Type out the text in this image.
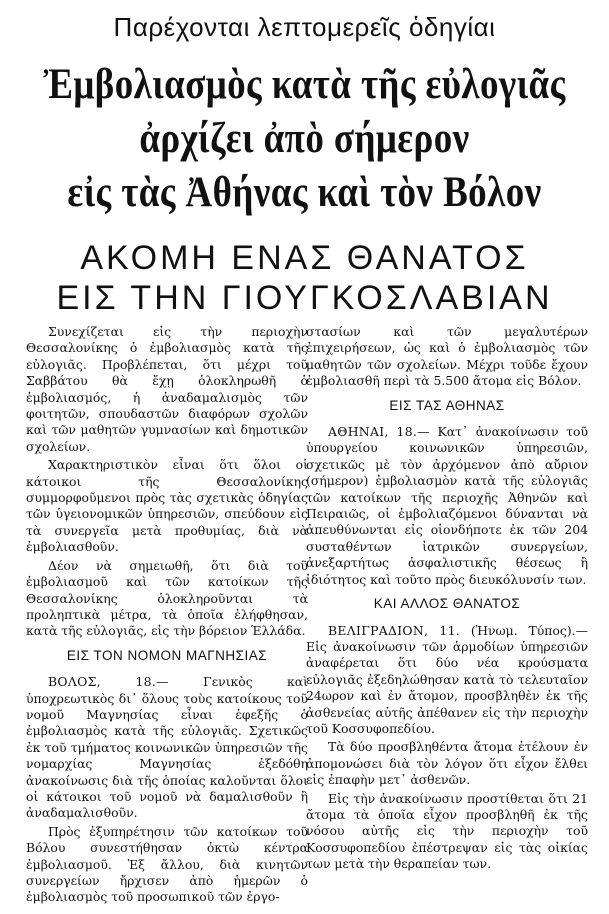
Παρέχονται λεπτομερεῖς ὁδηγίαι
Ἐμβολιασμὸς κατὰ τῆς εὐλογιᾶς
ἀρχίζει ἀπὸ σήμερον
εἰς τὰς Ἀθήνας καὶ τὸν Βόλον
ΑΚΟΜΗ ΕΝΑΣ ΘΑΝΑΤΟΣ
ΕΙΣ ΤΗΝ ΓΙΟΥΓΚΟΣΛΑΒΙΑΝ

Συνεχίζεται εἰς τὴν περιοχὴν Θεσσαλονίκης ὁ ἐμβολιασμὸς κατὰ τῆς εὐλογιᾶς. Προβλέπεται, ὅτι μέχρι τοῦ Σαββάτου θὰ ἔχῃ ὁλοκληρωθῆ ὁ ἐμβολιασμός, ἡ ἀναδαμαλισμὸς τῶν φοιτητῶν, σπουδαστῶν διαφόρων σχολῶν καὶ τῶν μαθητῶν γυμνασίων καὶ δημοτικῶν σχολείων.

Χαρακτηριστικὸν εἶναι ὅτι ὅλοι οἱ κάτοικοι τῆς Θεσσαλονίκης συμμορφοῦμενοι πρὸς τὰς σχετικὰς ὁδηγίας τῶν ὑγειονομικῶν ὑπηρεσιῶν, σπεύδουν εἰς τὰ συνεργεῖα μετὰ προθυμίας, διὰ νὰ ἐμβολιασθοῦν.

Δέον νὰ σημειωθῆ, ὅτι διὰ τοῦ ἐμβολιασμοῦ καὶ τῶν κατοίκων τῆς Θεσσαλονίκης ὁλοκληροῦνται τὰ προληπτικὰ μέτρα, τὰ ὁποῖα ἐλήφθησαν, κατὰ τῆς εὐλογιᾶς, εἰς τὴν βόρειον Ἑλλάδα.

ΕΙΣ ΤΟΝ ΝΟΜΟΝ ΜΑΓΝΗΣΙΑΣ

ΒΟΛΟΣ, 18.—	Γενικὸς καὶ ὑποχρεωτικὸς δι᾽ ὅλους τοὺς κατοίκους τοῦ νομοῦ Μαγνησίας εἶναι ἐφεξῆς ὁ ἐμβολιασμὸς κατὰ τῆς εὐλογιᾶς. Σχετικῶς ἐκ τοῦ τμήματος κοινωνικῶν ὑπηρεσιῶν τῆς νομαρχίας Μαγνησίας ἐξεδόθη ἀνακοίνωσις διὰ τῆς ὁποίας καλοῦνται ὅλοι οἱ κάτοικοι τοῦ νομοῦ νὰ δαμαλισθοῦν ἢ ἀναδαμαλισθοῦν.

Πρὸς ἐξυπηρέτησιν τῶν κατοίκων τοῦ Βόλου συνεστήθησαν ὀκτὼ κέντρα ἐμβολιασμοῦ. Ἐξ ἄλλου, διὰ κινητῶν συνεργείων ἤρχισεν ἀπὸ ἡμερῶν ὁ ἐμβολιασμὸς τοῦ προσωπικοῦ τῶν ἐργο-

στασίων καὶ τῶν μεγαλυτέρων ἐπιχειρήσεων, ὡς καὶ ὁ ἐμβολιασμὸς τῶν μαθητῶν τῶν σχολείων. Μέχρι τοῦδε ἔχουν ἐμβολιασθῆ περὶ τὰ 5.500 ἄτομα εἰς Βόλον.

ΕΙΣ ΤΑΣ ΑΘΗΝΑΣ

ΑΘΗΝΑΙ, 18.— Κατ᾽ ἀνακοίνωσιν τοῦ ὑπουργείου κοινωνικῶν ὑπηρεσιῶν, σχετικῶς μὲ τὸν ἀρχόμενον ἀπὸ αὔριον (σήμερον) ἐμβολιασμὸν κατὰ τῆς εὐλογιᾶς τῶν κατοίκων τῆς περιοχῆς Ἀθηνῶν καὶ Πειραιῶς, οἱ ἐμβολιαζόμενοι δύνανται νὰ ἀπευθύνωνται εἰς οἱονδήποτε ἐκ τῶν 204 συσταθέντων ἰατρικῶν συνεργείων, ἀνεξαρτήτως ἀσφαλιστικῆς θέσεως ἢ ἰδιότητος καὶ τοῦτο πρὸς διευκόλυνσίν των.

ΚΑΙ ΑΛΛΟΣ ΘΑΝΑΤΟΣ

ΒΕΛΙΓΡΑΔΙΟΝ, 11. (Ἠνωμ. Τύπος).— Εἰς ἀνακοίνωσιν τῶν ἁρμοδίων ὑπηρεσιῶν ἀναφέρεται ὅτι δύο νέα κρούσματα εὐλογιᾶς ἐξεδηλώθησαν κατὰ τὸ τελευταῖον 24ωρον καὶ ἐν ἄτομον, προσβληθὲν ἐκ τῆς ἀσθενείας αὐτῆς ἀπέθανεν εἰς τὴν περιοχὴν τοῦ Κοσσυφοπεδίου.

Τὰ δύο προσβληθέντα ἄτομα ἐτέλουν ἐν ἀπομονώσει διὰ τὸν λόγον ὅτι εἶχον ἔλθει εἰς ἐπαφὴν μετ᾽ ἀσθενῶν.

Εἰς τὴν ἀνακοίνωσιν προστίθεται ὅτι 21 ἄτομα τὰ ὁποῖα εἶχον προσβληθῆ ἐκ τῆς νόσου αὐτῆς εἰς τὴν περιοχὴν τοῦ Κοσσυφοπεδίου ἐπέστρεψαν εἰς τὰς οἰκίας των μετὰ τὴν θεραπείαν των.
